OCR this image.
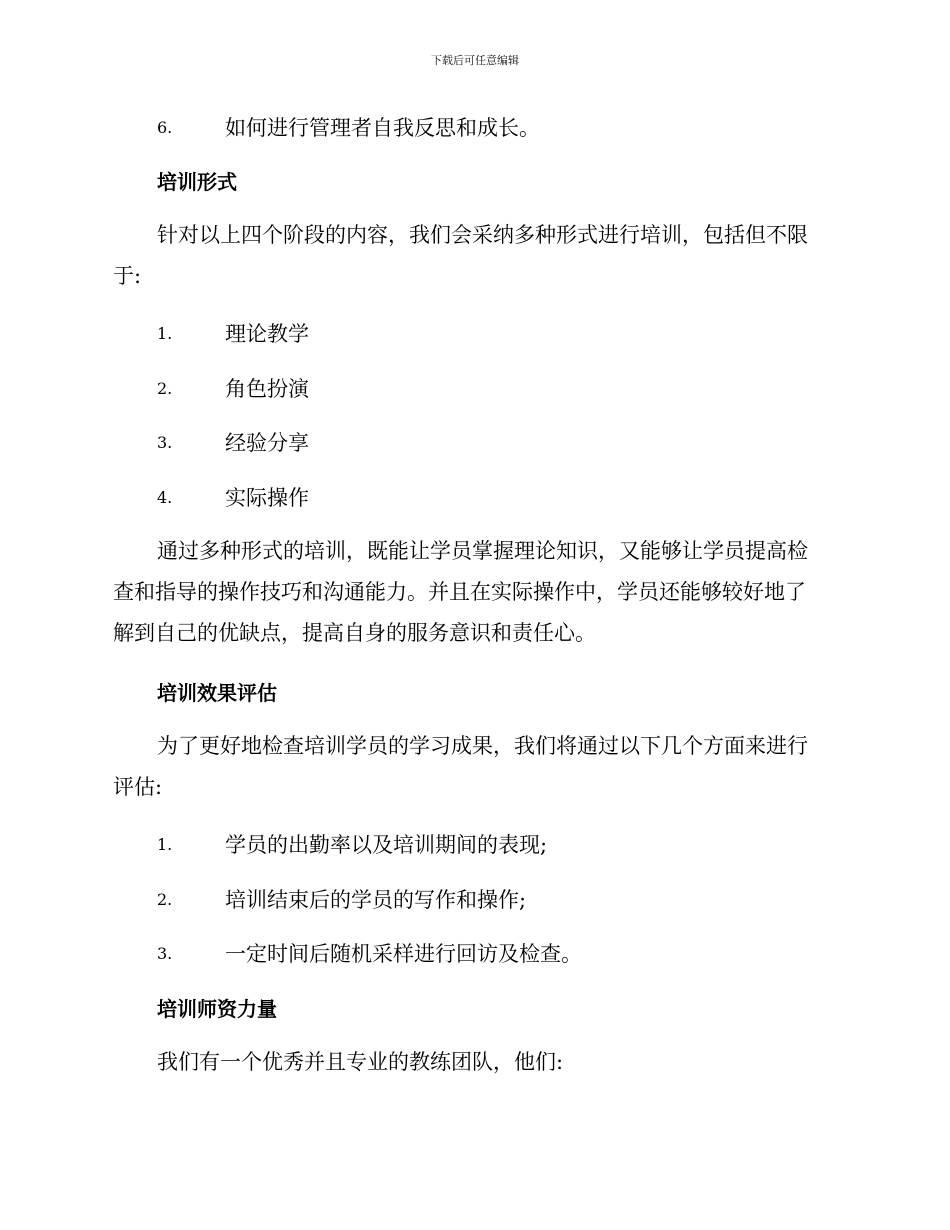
下载后可任意编辑
6.	如何进行管理者自我反思和成长。
培训形式
针对以上四个阶段的内容，我们会采纳多种形式进行培训，包括但不限
于:
1.	理论教学
2.	角色扮演
3.	经验分享
4.	实际操作
通过多种形式的培训，既能让学员掌握理论知识，又能够让学员提高检
查和指导的操作技巧和沟通能力。并且在实际操作中，学员还能够较好地了
解到自己的优缺点，提高自身的服务意识和责任心。
培训效果评估
为了更好地检查培训学员的学习成果，我们将通过以下几个方面来进行
评估:
1.	学员的出勤率以及培训期间的表现;
2.	培训结束后的学员的写作和操作;
3.	一定时间后随机采样进行回访及检查。
培训师资力量
我们有一个优秀并且专业的教练团队，他们:
